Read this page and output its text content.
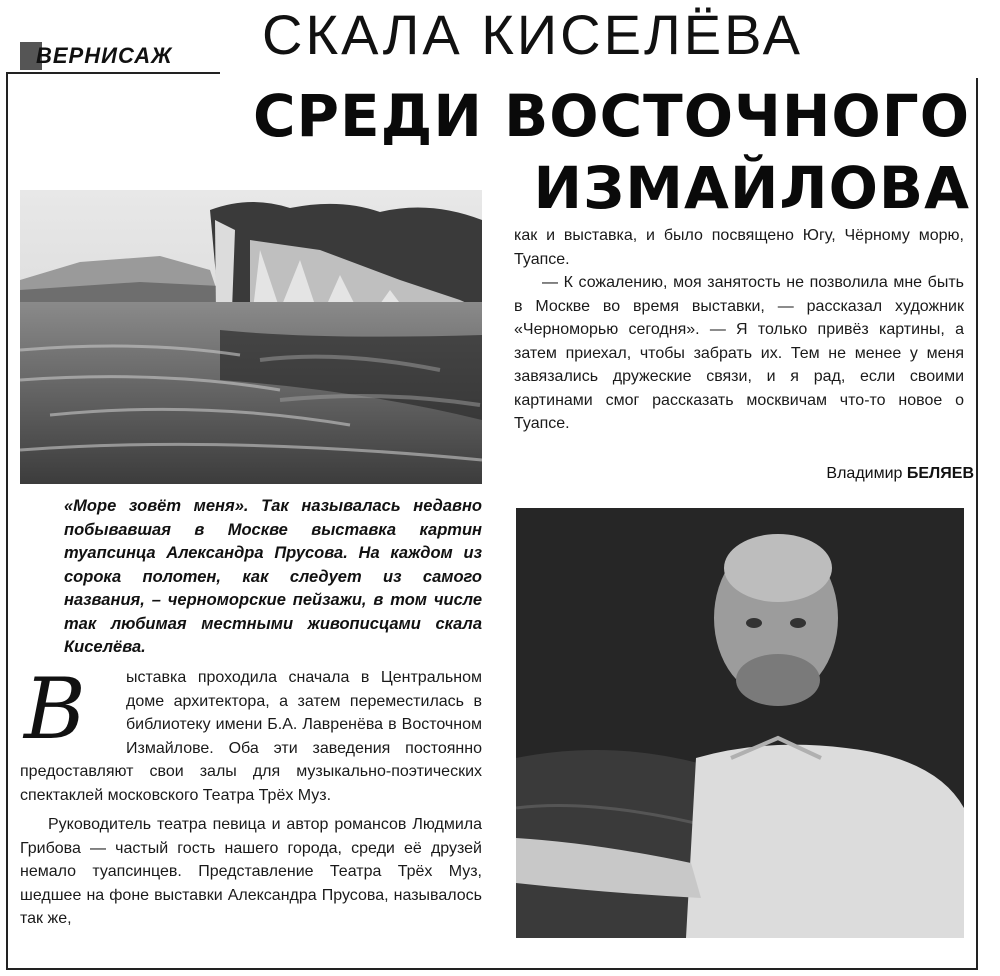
ВЕРНИСАЖ СКАЛА КИСЕЛЁВА
СРЕДИ ВОСТОЧНОГО
ИЗМАЙЛОВА

как и выставка, и было посвящено Югу, Чёрному морю, Туапсе.

— К сожалению, моя занятость не позволила мне быть в Москве во время выставки, — рассказал художник «Черноморью сегодня». — Я только привёз картины, а затем приехал, чтобы забрать их. Тем не менее у меня завязались дружеские связи, и я рад, если своими картинами смог рассказать москвичам что-то новое о Туапсе.

Владимир БЕЛЯЕВ
«Море зовёт меня». Так называлась недавно побывавшая в Москве выставка картин туапсинца Александра Прусова. На каждом из сорока полотен, как следует из самого названия, – черноморские пейзажи, в том числе так любимая местными живописцами скала Киселёва.

В	ыставка проходила сначала в Центральном доме архитектора, а затем переместилась в библиотеку имени Б.А. Лавренёва в Восточном Измайлове. Оба эти заведения постоянно предоставляют свои залы для музыкально-поэтических спектаклей московского Театра Трёх Муз.

Руководитель театра певица и автор романсов Людмила Грибова — частый гость нашего города, среди её друзей немало туапсинцев. Представление Театра Трёх Муз, шедшее на фоне выставки Александра Прусова, называлось так же,
